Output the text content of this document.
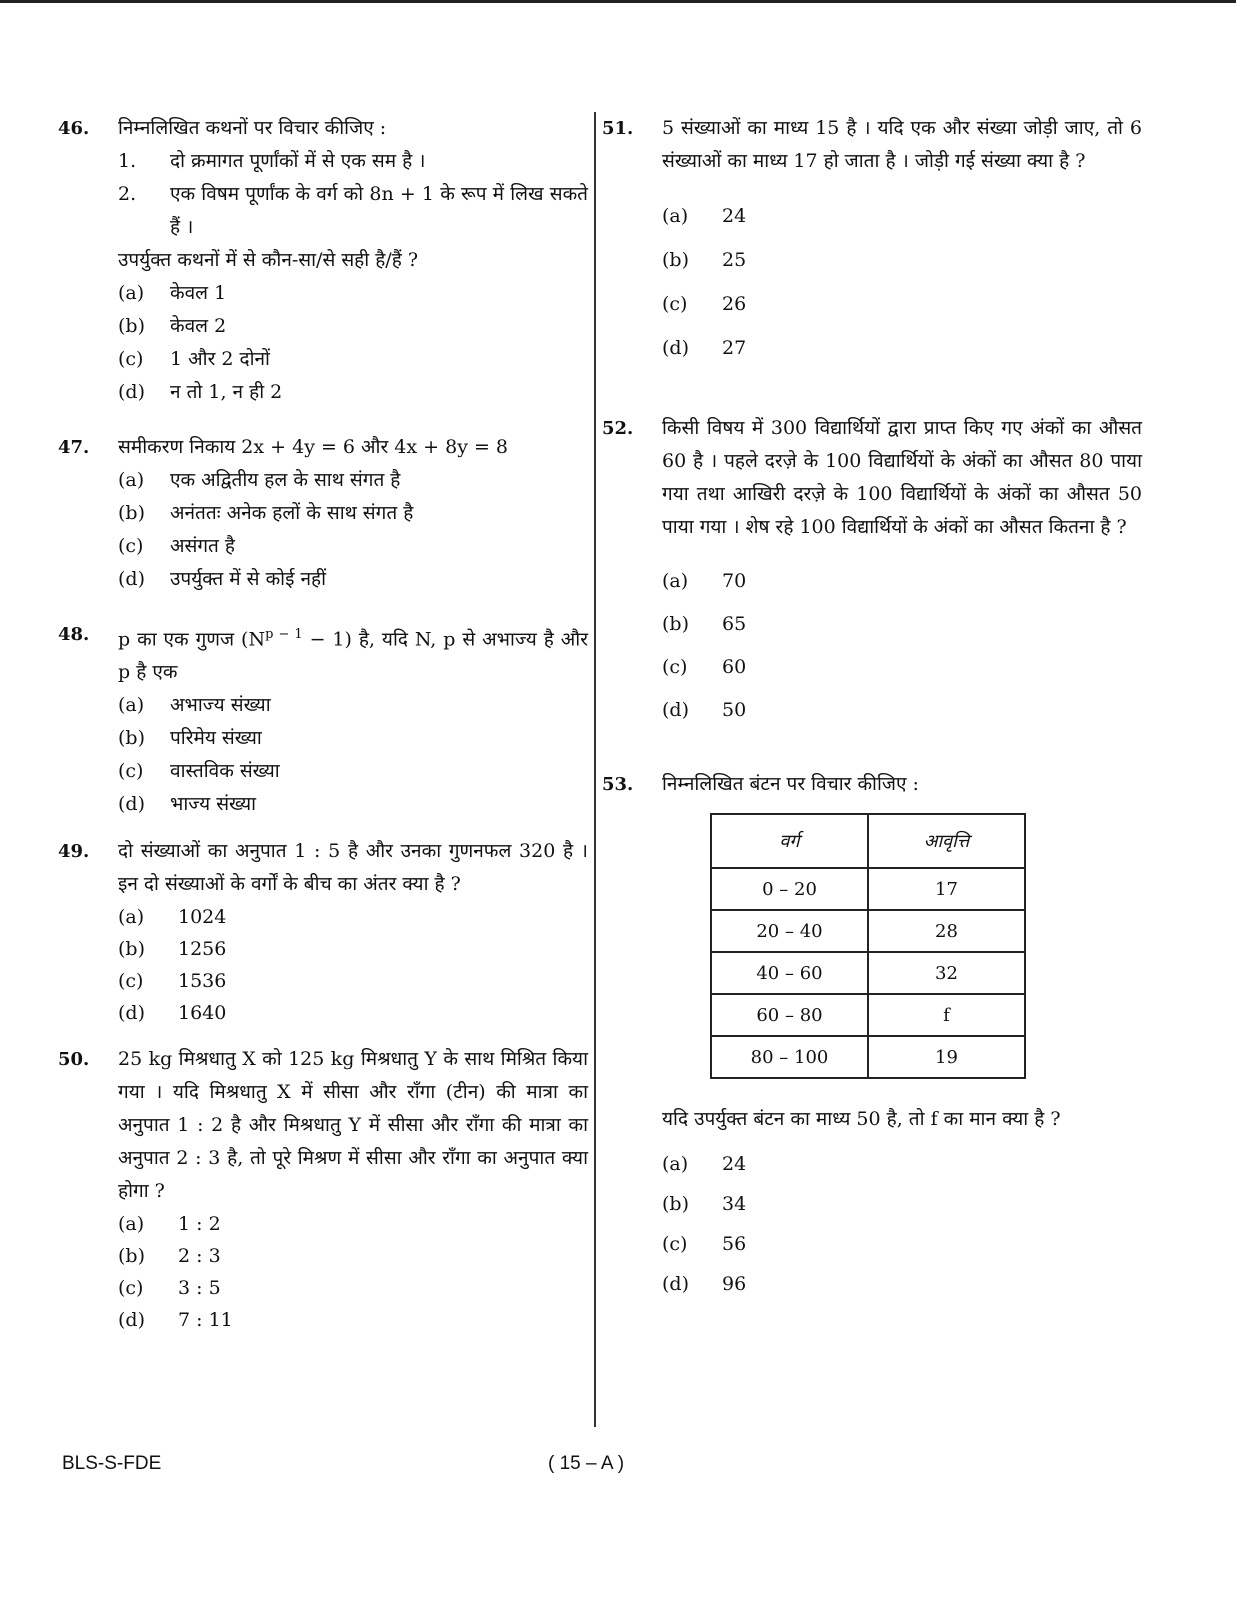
46. निम्नलिखित कथनों पर विचार कीजिए :

1.	दो क्रमागत पूर्णांकों में से एक सम है ।
2.	एक विषम पूर्णांक के वर्ग को 8n + 1 के रूप में लिख सकते हैं ।

उपर्युक्त कथनों में से कौन-सा/से सही है/हैं ?

(a)	केवल 1
(b)	केवल 2
(c)	1 और 2 दोनों
(d)	न तो 1, न ही 2
47. समीकरण निकाय 2x + 4y = 6 और 4x + 8y = 8

(a)	एक अद्वितीय हल के साथ संगत है
(b)	अनंततः अनेक हलों के साथ संगत है
(c)	असंगत है
(d)	उपर्युक्त में से कोई नहीं
48. p का एक गुणज $(N^{p - 1} - 1)$ है, यदि N, p से अभाज्य है और p है एक

(a)	अभाज्य संख्या
(b)	परिमेय संख्या
(c)	वास्तविक संख्या
(d)	भाज्य संख्या
49. दो संख्याओं का अनुपात 1 : 5 है और उनका गुणनफल 320 है । इन दो संख्याओं के वर्गों के बीच का अंतर क्या है ?

(a)	1024
(b)	1256
(c)	1536
(d)	1640
50. 25 kg मिश्रधातु X को 125 kg मिश्रधातु Y के साथ मिश्रित किया गया । यदि मिश्रधातु X में सीसा और राँगा (टीन) की मात्रा का अनुपात 1 : 2 है और मिश्रधातु Y में सीसा और राँगा की मात्रा का अनुपात 2 : 3 है, तो पूरे मिश्रण में सीसा और राँगा का अनुपात क्या होगा ?

(a)	1 : 2
(b)	2 : 3
(c)	3 : 5
(d)	7 : 11
51. 5 संख्याओं का माध्य 15 है । यदि एक और संख्या जोड़ी जाए, तो 6 संख्याओं का माध्य 17 हो जाता है । जोड़ी गई संख्या क्या है ?

(a)	24
(b)	25
(c)	26
(d)	27
52. किसी विषय में 300 विद्यार्थियों द्वारा प्राप्त किए गए अंकों का औसत 60 है । पहले दरज़े के 100 विद्यार्थियों के अंकों का औसत 80 पाया गया तथा आखिरी दरज़े के 100 विद्यार्थियों के अंकों का औसत 50 पाया गया । शेष रहे 100 विद्यार्थियों के अंकों का औसत कितना है ?

(a)	70
(b)	65
(c)	60
(d)	50
53. निम्नलिखित बंटन पर विचार कीजिए :

वर्ग	आवृत्ति
0 – 20	17
20 – 40	28
40 – 60	32
60 – 80	f
80 – 100	19

यदि उपर्युक्त बंटन का माध्य 50 है, तो f का मान क्या है ?

(a)	24
(b)	34
(c)	56
(d)	96
BLS-S-FDE	( 15 – A )
